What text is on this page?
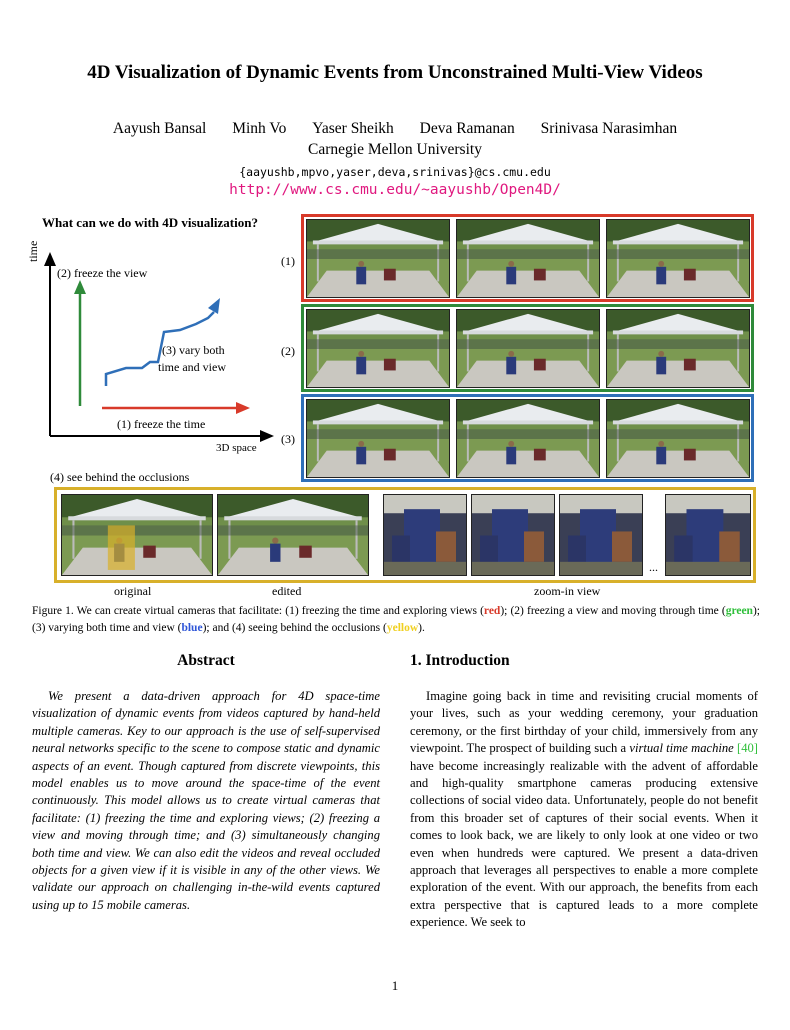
4D Visualization of Dynamic Events from Unconstrained Multi-View Videos
Aayush Bansal Minh Vo Yaser Sheikh Deva Ramanan Srinivasa Narasimhan
Carnegie Mellon University
{aayushb,mpvo,yaser,deva,srinivas}@cs.cmu.edu
http://www.cs.cmu.edu/~aayushb/Open4D/
What can we do with 4D visualization?
time
(2) freeze the view
(3) vary both
time and view
(1) freeze the time
3D space
(4) see behind the occlusions
(1)
(2)
(3)
...
original	edited	zoom-in view
Figure 1. We can create virtual cameras that facilitate: (1) freezing the time and exploring views (red); (2) freezing a view and moving through time (green); (3) varying both time and view (blue); and (4) seeing behind the occlusions (yellow).
Abstract
We present a data-driven approach for 4D space-time visualization of dynamic events from videos captured by hand-held multiple cameras. Key to our approach is the use of self-supervised neural networks specific to the scene to compose static and dynamic aspects of an event. Though captured from discrete viewpoints, this model enables us to move around the space-time of the event continuously. This model allows us to create virtual cameras that facilitate: (1) freezing the time and exploring views; (2) freezing a view and moving through time; and (3) simultaneously changing both time and view. We can also edit the videos and reveal occluded objects for a given view if it is visible in any of the other views. We validate our approach on challenging in-the-wild events captured using up to 15 mobile cameras.
1. Introduction
Imagine going back in time and revisiting crucial moments of your lives, such as your wedding ceremony, your graduation ceremony, or the first birthday of your child, immersively from any viewpoint. The prospect of building such a virtual time machine [40] have become increasingly realizable with the advent of affordable and high-quality smartphone cameras producing extensive collections of social video data. Unfortunately, people do not benefit from this broader set of captures of their social events. When it comes to look back, we are likely to only look at one video or two even when hundreds were captured. We present a data-driven approach that leverages all perspectives to enable a more complete exploration of the event. With our approach, the benefits from each extra perspective that is captured leads to a more complete experience. We seek to
1
